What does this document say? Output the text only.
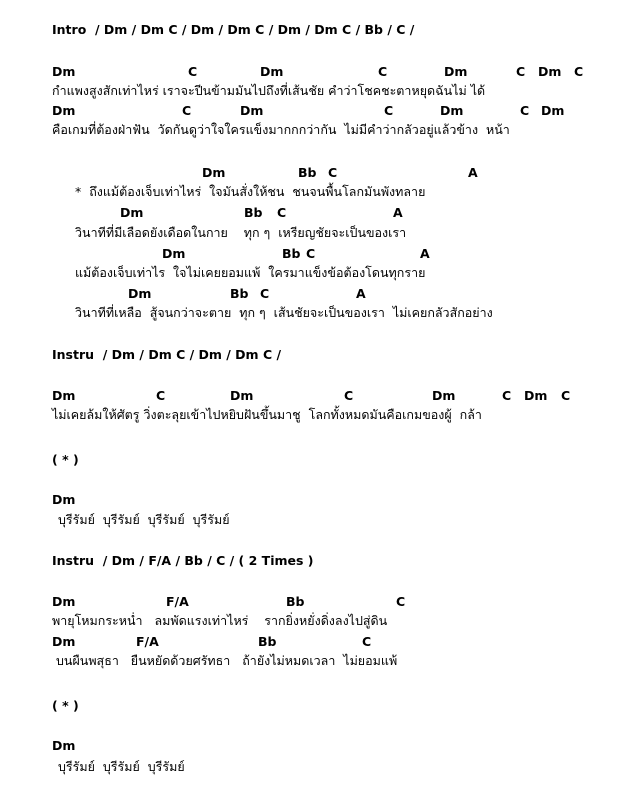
Intro  / Dm / Dm C / Dm / Dm C / Dm / Dm C / Bb / C /

Dm

	C

	Dm

	C

	Dm

	C

Dm

C

กำแพงสูงสักเท่าไหร่ เราจะปีนข้ามมันไปถึงที่เส้นชัย คำว่าโชคชะตาหยุดฉันไม่ ได้

Dm

	C

	Dm

	C

	Dm

	C

Dm

คือเกมที่ต้องฝ่าฟัน  วัดกันดูว่าใจใครแข็งมากกกว่ากัน  ไม่มีคำว่ากลัวอยู่แล้วข้าง  หน้า

Dm

	Bb

C

	A

*  ถึงแม้ต้องเจ็บเท่าไหร่  ใจมันสั่งให้ชน  ชนจนพื้นโลกมันพังทลาย

Dm

	Bb

C

	A

วินาทีที่มีเลือดยังเดือดในกาย    ทุก ๆ  เหรียญชัยจะเป็นของเรา

Dm

	Bb

C

	A

แม้ต้องเจ็บเท่าไร  ใจไม่เคยยอมแพ้  ใครมาแข็งข้อต้องโดนทุกราย

Dm

	Bb

C

	A

วินาทีที่เหลือ  สู้จนกว่าจะตาย  ทุก ๆ  เส้นชัยจะเป็นของเรา  ไม่เคยกลัวสักอย่าง
Instru  / Dm / Dm C / Dm / Dm C /

Dm

	C

	Dm

	C

	Dm

	C

Dm

C

ไม่เคยล้มให้ศัตรู วิ่งตะลุยเข้าไปหยิบฝันขึ้นมาชู  โลกทั้งหมดมันคือเกมของผู้  กล้า
( * )

Dm

บุรีรัมย์  บุรีรัมย์  บุรีรัมย์  บุรีรัมย์
Instru  / Dm / F/A / Bb / C / ( 2 Times )

Dm

	F/A

	Bb

	C

พายุโหมกระหน่ำ   ลมพัดแรงเท่าไหร่    รากยิ่งหยั่งดิ่งลงไปสู่ดิน

Dm

	F/A

	Bb

	C

บนผืนพสุธา   ยืนหยัดด้วยศรัทธา   ถ้ายังไม่หมดเวลา  ไม่ยอมแพ้
( * )

Dm

บุรีรัมย์  บุรีรัมย์  บุรีรัมย์
